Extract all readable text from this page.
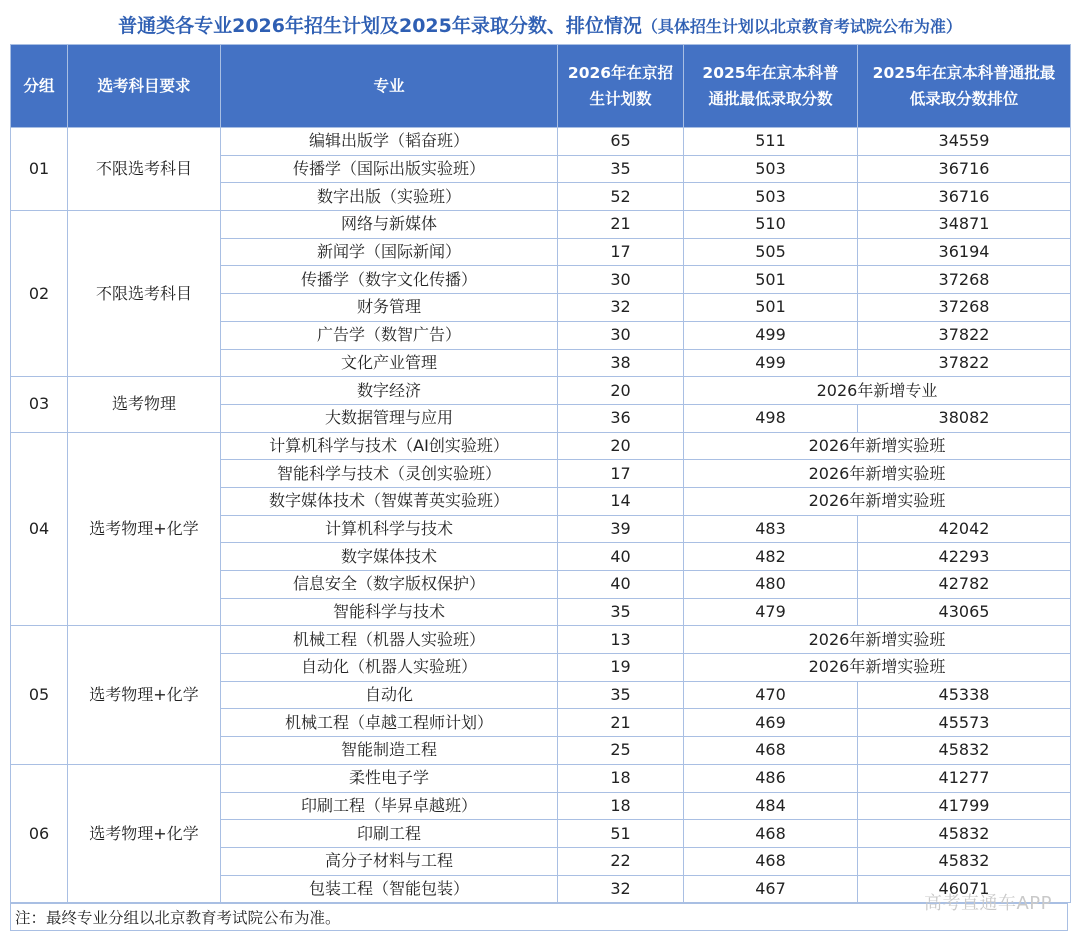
普通类各专业2026年招生计划及2025年录取分数、排位情况（具体招生计划以北京教育考试院公布为准）
分组	选考科目要求	专业	2026年在京招生计划数	2025年在京本科普通批最低录取分数	2025年在京本科普通批最低录取分数排位
01	不限选考科目	编辑出版学（韬奋班）	65	511	34559
		传播学（国际出版实验班）	35	503	36716
		数字出版（实验班）	52	503	36716
02	不限选考科目	网络与新媒体	21	510	34871
		新闻学（国际新闻）	17	505	36194
		传播学（数字文化传播）	30	501	37268
		财务管理	32	501	37268
		广告学（数智广告）	30	499	37822
		文化产业管理	38	499	37822
03	选考物理	数字经济	20	2026年新增专业	
		大数据管理与应用	36	498	38082
04	选考物理+化学	计算机科学与技术（AI创实验班）	20	2026年新增实验班	
		智能科学与技术（灵创实验班）	17	2026年新增实验班	
		数字媒体技术（智媒菁英实验班）	14	2026年新增实验班	
		计算机科学与技术	39	483	42042
		数字媒体技术	40	482	42293
		信息安全（数字版权保护）	40	480	42782
		智能科学与技术	35	479	43065
05	选考物理+化学	机械工程（机器人实验班）	13	2026年新增实验班	
		自动化（机器人实验班）	19	2026年新增实验班	
		自动化	35	470	45338
		机械工程（卓越工程师计划）	21	469	45573
		智能制造工程	25	468	45832
06	选考物理+化学	柔性电子学	18	486	41277
		印刷工程（毕昇卓越班）	18	484	41799
		印刷工程	51	468	45832
		高分子材料与工程	22	468	45832
		包装工程（智能包装）	32	467	46071
注：最终专业分组以北京教育考试院公布为准。
高考直通车APP
